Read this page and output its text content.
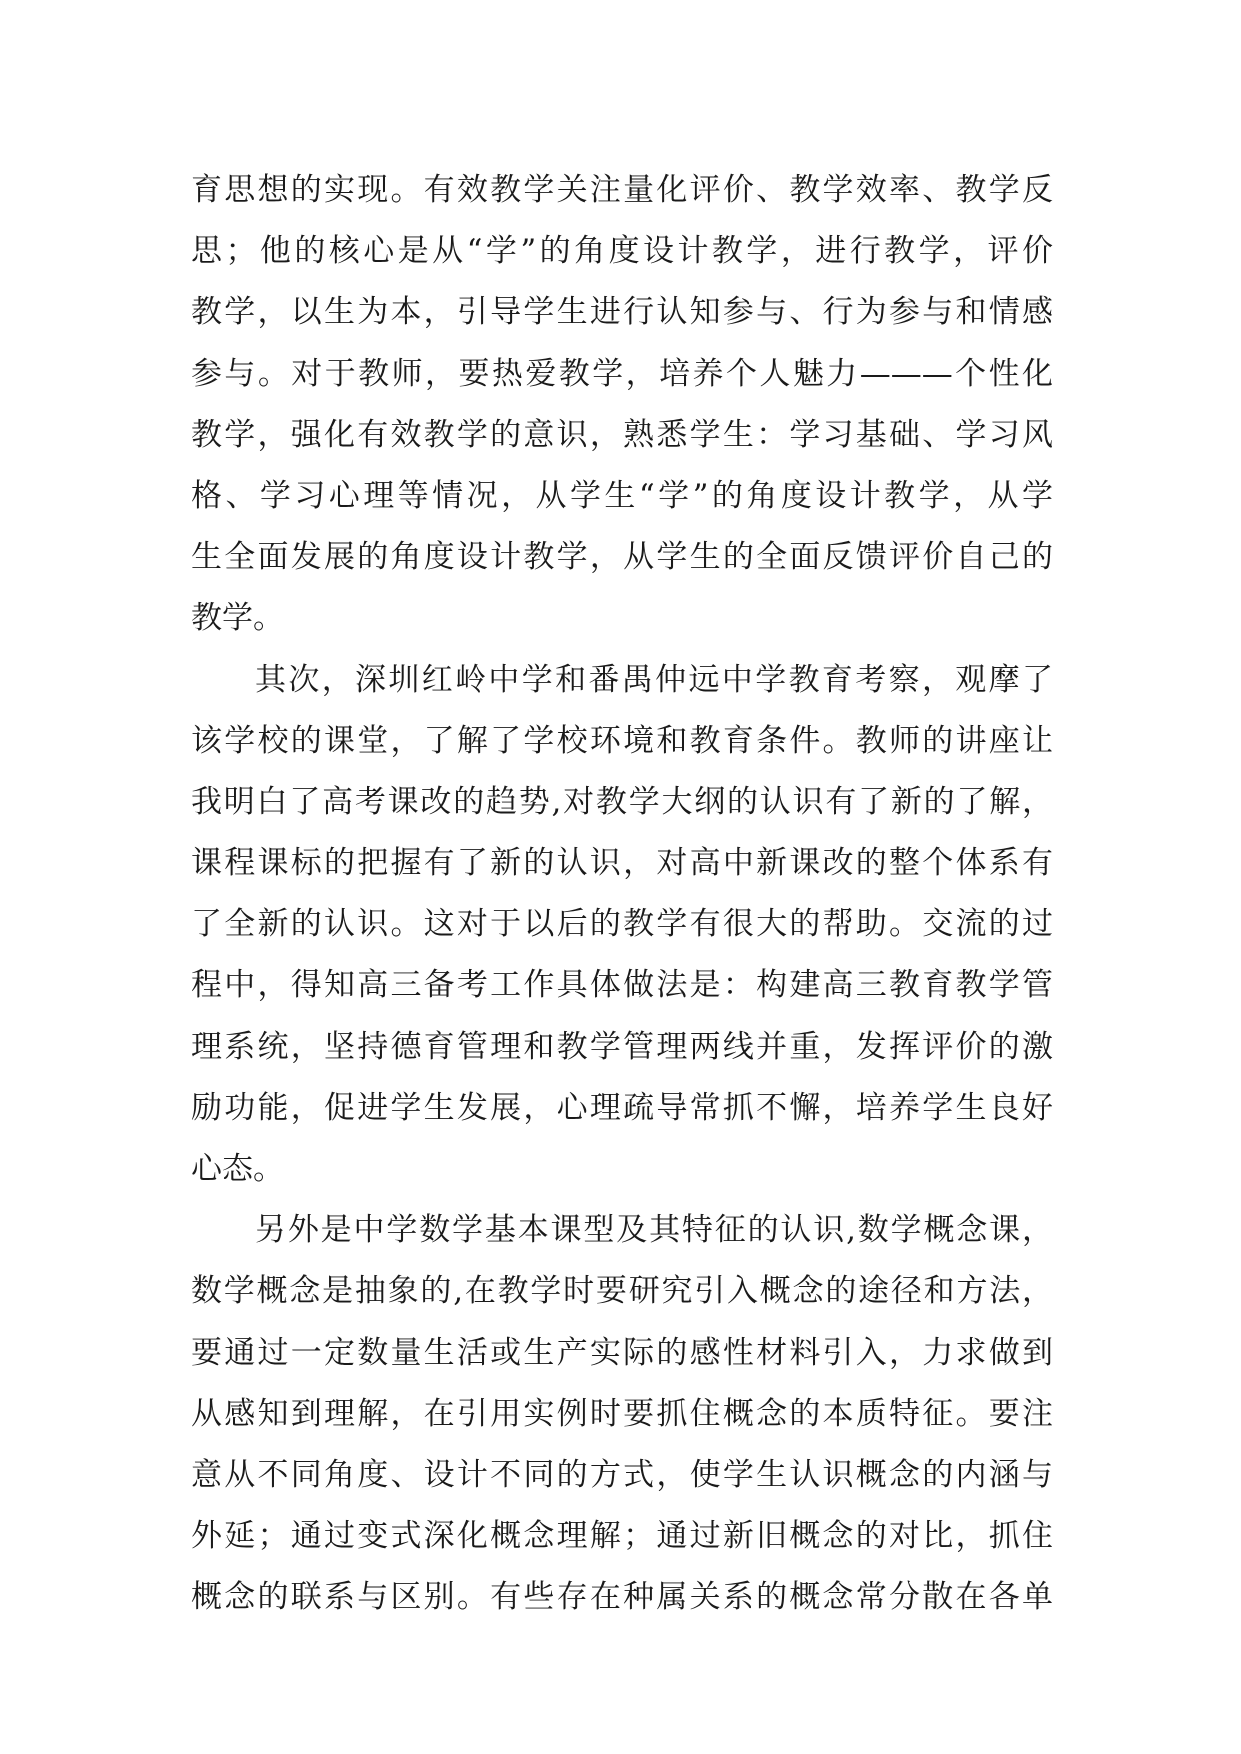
育思想的实现。有效教学关注量化评价、教学效率、教学反
思；他的核心是从“学”的角度设计教学，进行教学，评价
教学，以生为本，引导学生进行认知参与、行为参与和情感
参与。对于教师，要热爱教学，培养个人魅力———个性化
教学，强化有效教学的意识，熟悉学生：学习基础、学习风
格、学习心理等情况，从学生“学”的角度设计教学，从学
生全面发展的角度设计教学，从学生的全面反馈评价自己的
教学。
其次，深圳红岭中学和番禺仲远中学教育考察，观摩了
该学校的课堂，了解了学校环境和教育条件。教师的讲座让
我明白了高考课改的趋势,对教学大纲的认识有了新的了解，
课程课标的把握有了新的认识，对高中新课改的整个体系有
了全新的认识。这对于以后的教学有很大的帮助。交流的过
程中，得知高三备考工作具体做法是：构建高三教育教学管
理系统，坚持德育管理和教学管理两线并重，发挥评价的激
励功能，促进学生发展，心理疏导常抓不懈，培养学生良好
心态。
另外是中学数学基本课型及其特征的认识,数学概念课，
数学概念是抽象的,在教学时要研究引入概念的途径和方法，
要通过一定数量生活或生产实际的感性材料引入，力求做到
从感知到理解，在引用实例时要抓住概念的本质特征。要注
意从不同角度、设计不同的方式，使学生认识概念的内涵与
外延；通过变式深化概念理解；通过新旧概念的对比，抓住
概念的联系与区别。有些存在种属关系的概念常分散在各单
